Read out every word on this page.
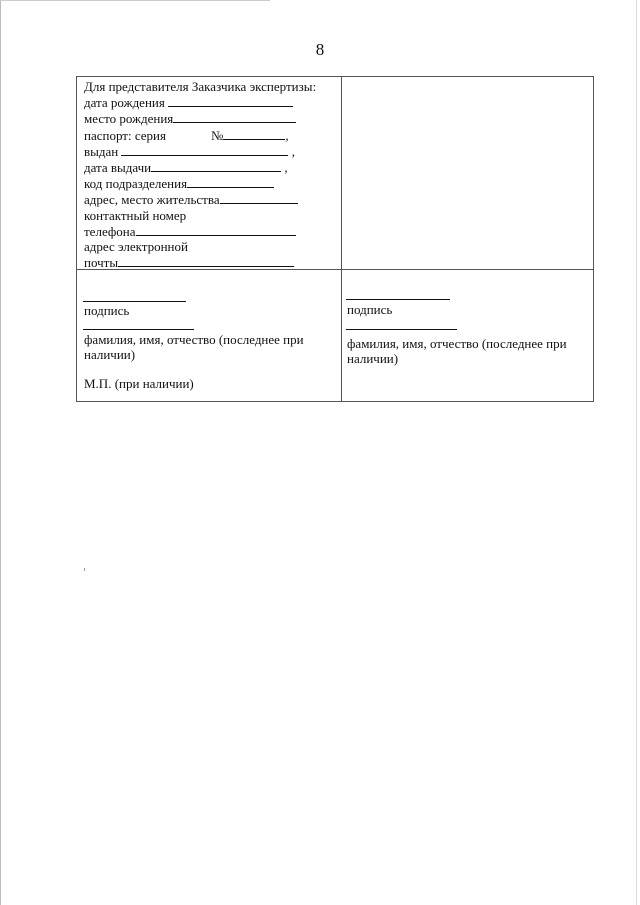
8
Для представителя Заказчика экспертизы:
дата рождения
место рождения
паспорт: серия	№	,
выдан	,
дата выдачи	,
код подразделения
адрес, место жительства
контактный номер
телефона
адрес электронной
почты
подпись
фамилия, имя, отчество (последнее при наличии)
М.П. (при наличии)
подпись
фамилия, имя, отчество (последнее при наличии)
